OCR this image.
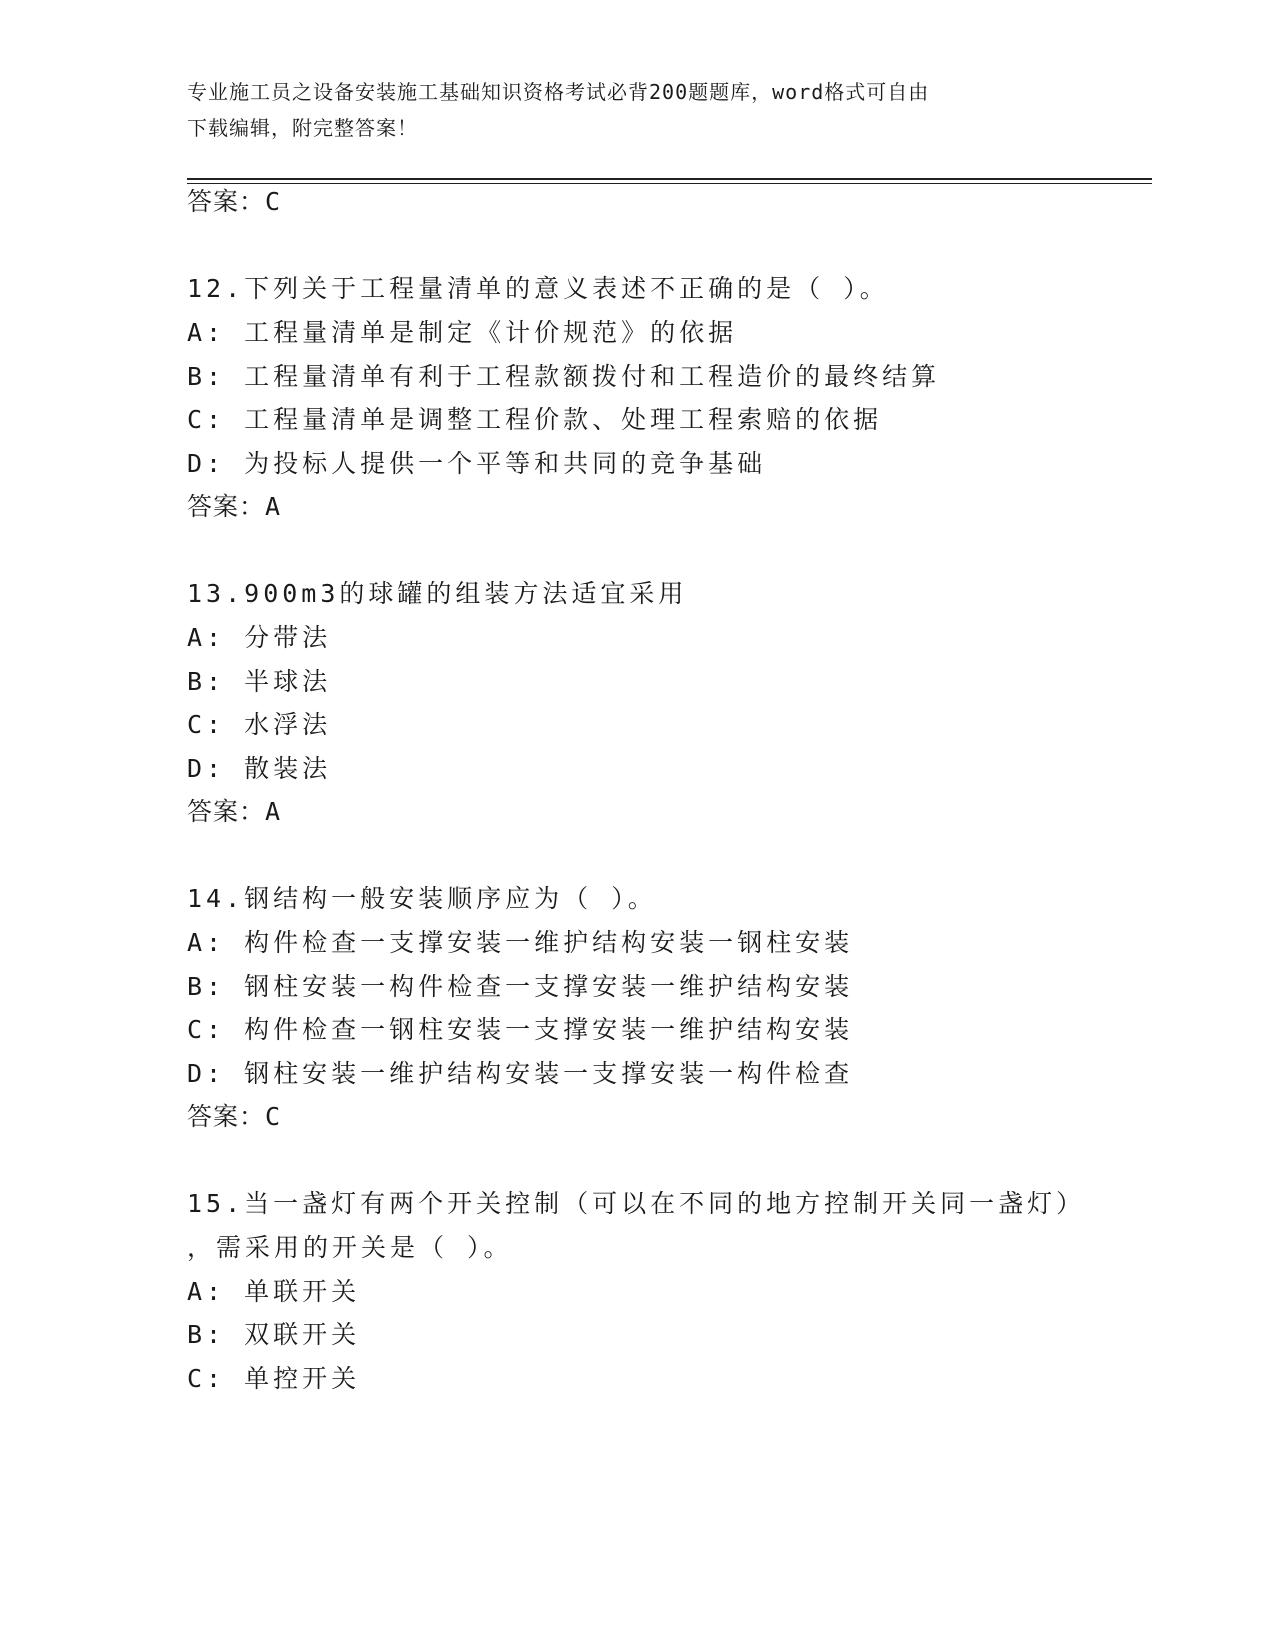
专业施工员之设备安装施工基础知识资格考试必背200题题库，word格式可自由
下载编辑，附完整答案！
答案：C
12.下列关于工程量清单的意义表述不正确的是（ ）。
A: 工程量清单是制定《计价规范》的依据
B: 工程量清单有利于工程款额拨付和工程造价的最终结算
C: 工程量清单是调整工程价款、处理工程索赔的依据
D: 为投标人提供一个平等和共同的竞争基础
答案：A
13.900m3的球罐的组装方法适宜采用
A: 分带法
B: 半球法
C: 水浮法
D: 散装法
答案：A
14.钢结构一般安装顺序应为（ ）。
A: 构件检查一支撑安装一维护结构安装一钢柱安装
B: 钢柱安装一构件检查一支撑安装一维护结构安装
C: 构件检查一钢柱安装一支撑安装一维护结构安装
D: 钢柱安装一维护结构安装一支撑安装一构件检查
答案：C
15.当一盏灯有两个开关控制（可以在不同的地方控制开关同一盏灯）
，需采用的开关是（ ）。
A: 单联开关
B: 双联开关
C: 单控开关
